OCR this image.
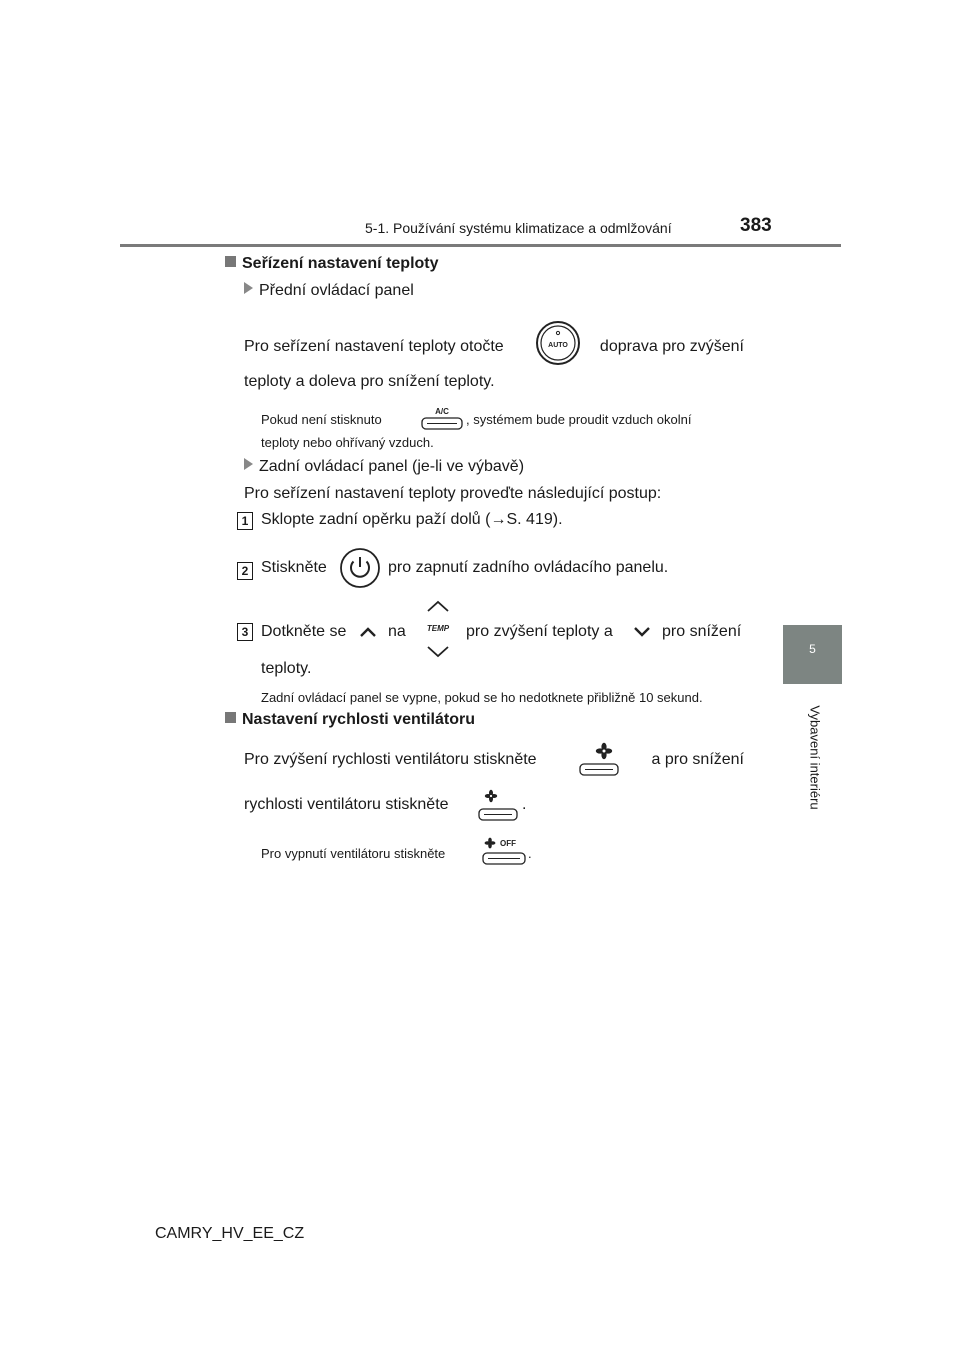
5-1. Používání systému klimatizace a odmlžování	383
5
Vybavení interiéru
Seřízení nastavení teploty
Přední ovládací panel
Pro seřízení nastavení teploty otočte	AUTO	doprava pro zvýšení
teploty a doleva pro snížení teploty.
Pokud není stisknuto
A/C
, systémem bude proudit vzduch okolní
teploty nebo ohřívaný vzduch.
Zadní ovládací panel (je-li ve výbavě)
Pro seřízení nastavení teploty proveďte následující postup:
1 Sklopte zadní opěrku paží dolů (→S. 419).
2 Stiskněte	pro zapnutí zadního ovládacího panelu.
3 Dotkněte se	na	TEMP pro zvýšení teploty a	pro snížení
teploty.
Zadní ovládací panel se vypne, pokud se ho nedotknete přibližně 10 sekund.
Nastavení rychlosti ventilátoru
Pro zvýšení rychlosti ventilátoru stiskněte	a pro snížení
rychlosti ventilátoru stiskněte	.
Pro vypnutí ventilátoru stiskněte
OFF
.
CAMRY_HV_EE_CZ
